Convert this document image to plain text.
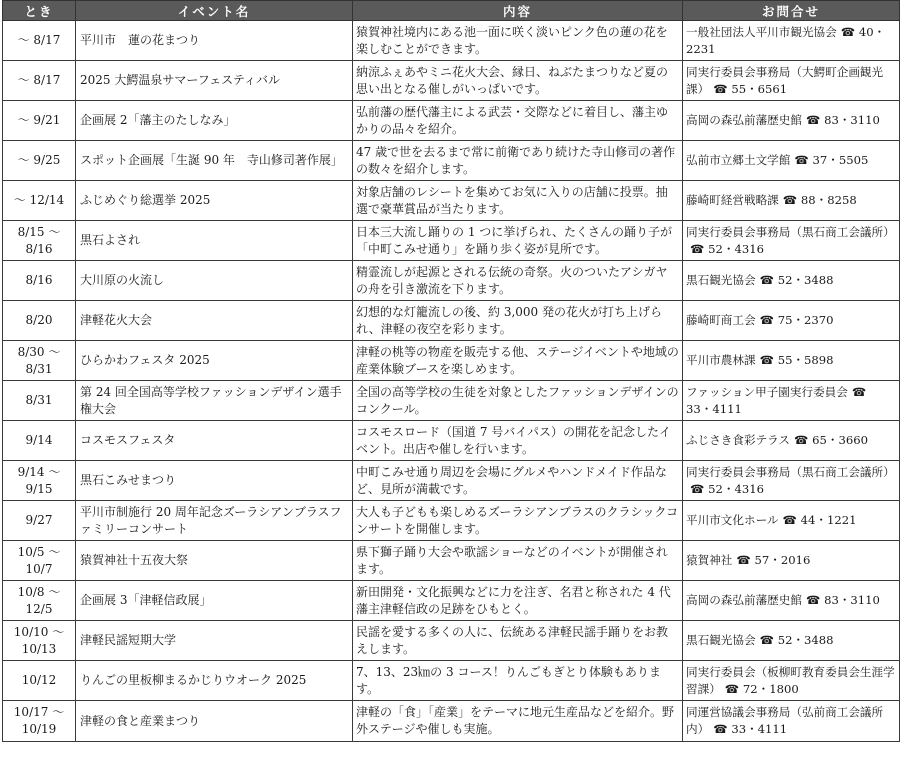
とき	イベント名	内容	お問合せ
～ 8/17	平川市　蓮の花まつり	猿賀神社境内にある池一面に咲く淡いピンク色の蓮の花を楽しむことができます。	一般社団法人平川市観光協会 ☎ 40・2231
～ 8/17	2025 大鰐温泉サマーフェスティバル	納涼ふぇあやミニ花火大会、縁日、ねぶたまつりなど夏の思い出となる催しがいっぱいです。	同実行委員会事務局（大鰐町企画観光課） ☎ 55・6561
～ 9/21	企画展 2「藩主のたしなみ」	弘前藩の歴代藩主による武芸・交際などに着目し、藩主ゆかりの品々を紹介。	高岡の森弘前藩歴史館 ☎ 83・3110
～ 9/25	スポット企画展「生誕 90 年　寺山修司著作展」	47 歳で世を去るまで常に前衛であり続けた寺山修司の著作の数々を紹介します。	弘前市立郷土文学館 ☎ 37・5505
～ 12/14	ふじめぐり総選挙 2025	対象店舗のレシートを集めてお気に入りの店舗に投票。抽選で豪華賞品が当たります。	藤崎町経営戦略課 ☎ 88・8258
8/15 ～ 8/16	黒石よされ	日本三大流し踊りの 1 つに挙げられ、たくさんの踊り子が「中町こみせ通り」を踊り歩く姿が見所です。	同実行委員会事務局（黒石商工会議所）☎ 52・4316
8/16	大川原の火流し	精霊流しが起源とされる伝統の奇祭。火のついたアシガヤの舟を引き激流を下ります。	黒石観光協会 ☎ 52・3488
8/20	津軽花火大会	幻想的な灯籠流しの後、約 3,000 発の花火が打ち上げられ、津軽の夜空を彩ります。	藤崎町商工会 ☎ 75・2370
8/30 ～ 8/31	ひらかわフェスタ 2025	津軽の桃等の物産を販売する他、ステージイベントや地域の産業体験ブースを楽しめます。	平川市農林課 ☎ 55・5898
8/31	第 24 回全国高等学校ファッションデザイン選手権大会	全国の高等学校の生徒を対象としたファッションデザインのコンクール。	ファッション甲子園実行委員会 ☎ 33・4111
9/14	コスモスフェスタ	コスモスロード（国道 7 号バイパス）の開花を記念したイベント。出店や催しを行います。	ふじさき食彩テラス ☎ 65・3660
9/14 ～ 9/15	黒石こみせまつり	中町こみせ通り周辺を会場にグルメやハンドメイド作品など、見所が満載です。	同実行委員会事務局（黒石商工会議所）☎ 52・4316
9/27	平川市制施行 20 周年記念ズーラシアンブラスファミリーコンサート	大人も子どもも楽しめるズーラシアンブラスのクラシックコンサートを開催します。	平川市文化ホール ☎ 44・1221
10/5 ～ 10/7	猿賀神社十五夜大祭	県下獅子踊り大会や歌謡ショーなどのイベントが開催されます。	猿賀神社 ☎ 57・2016
10/8 ～ 12/5	企画展 3「津軽信政展」	新田開発・文化振興などに力を注ぎ、名君と称された 4 代藩主津軽信政の足跡をひもとく。	高岡の森弘前藩歴史館 ☎ 83・3110
10/10 ～ 10/13	津軽民謡短期大学	民謡を愛する多くの人に、伝統ある津軽民謡手踊りをお教えします。	黒石観光協会 ☎ 52・3488
10/12	りんごの里板柳まるかじりウオーク 2025	7、13、23㎞の 3 コース！りんごもぎとり体験もあります。	同実行委員会（板柳町教育委員会生涯学習課） ☎ 72・1800
10/17 ～ 10/19	津軽の食と産業まつり	津軽の「食」「産業」をテーマに地元生産品などを紹介。野外ステージや催しも実施。	同運営協議会事務局（弘前商工会議所内） ☎ 33・4111
